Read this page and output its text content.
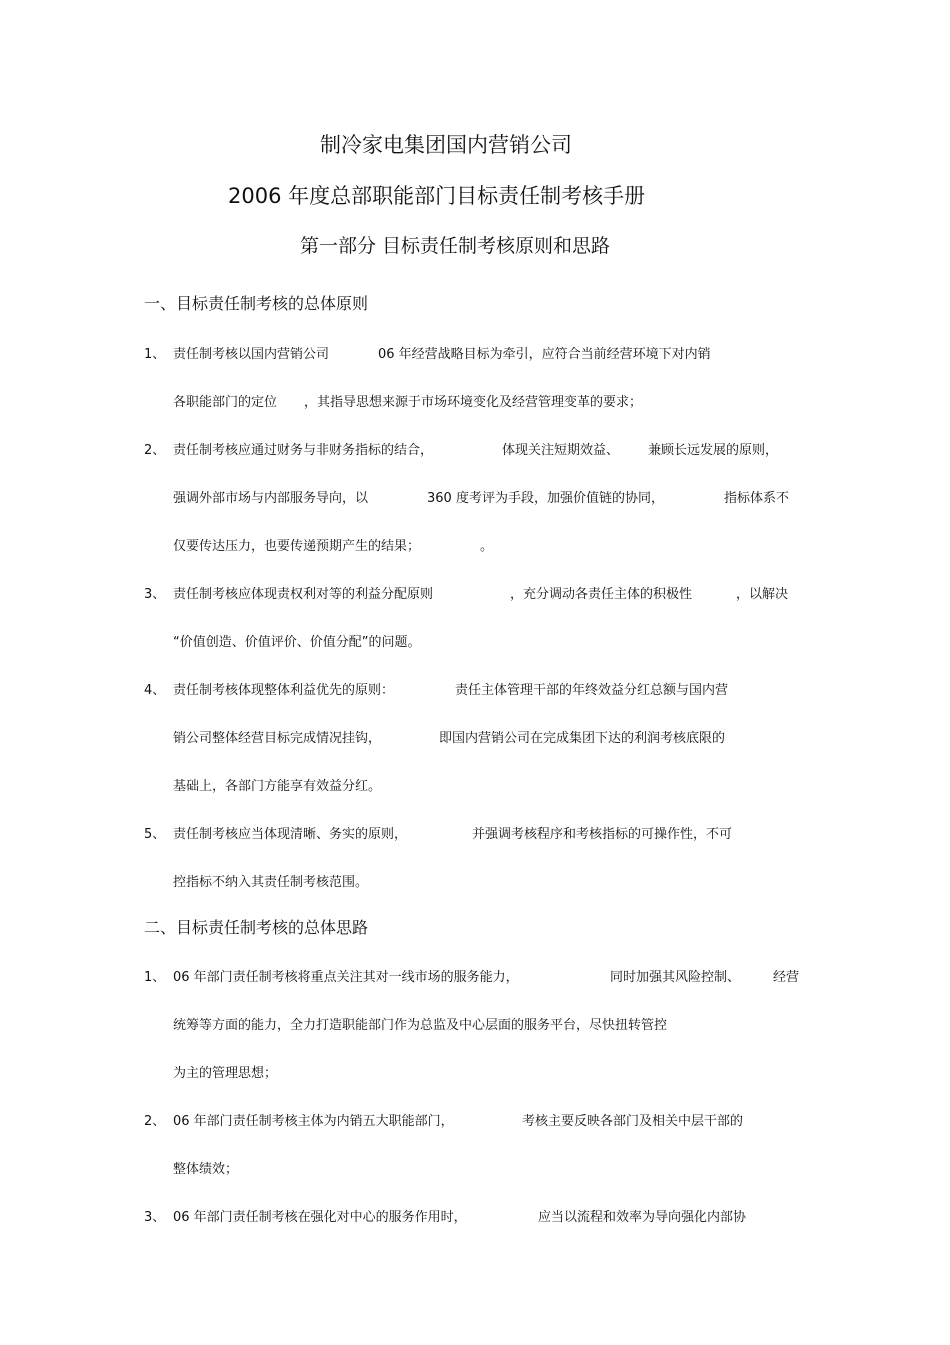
制冷家电集团国内营销公司
2006 年度总部职能部门目标责任制考核手册
第一部分 目标责任制考核原则和思路
一、目标责任制考核的总体原则
1、 责任制考核以国内营销公司	06 年经营战略目标为牵引，应符合当前经营环境下对内销
各职能部门的定位 ，其指导思想来源于市场环境变化及经营管理变革的要求；
2、 责任制考核应通过财务与非财务指标的结合，	体现关注短期效益、 兼顾长远发展的原则，
强调外部市场与内部服务导向，以	360 度考评为手段，加强价值链的协同，	指标体系不
仅要传达压力，也要传递预期产生的结果；	。
3、 责任制考核应体现责权利对等的利益分配原则	，充分调动各责任主体的积极性	，以解决
“价值创造、价值评价、价值分配”的问题。
4、 责任制考核体现整体利益优先的原则：	责任主体管理干部的年终效益分红总额与国内营
销公司整体经营目标完成情况挂钩，	即国内营销公司在完成集团下达的利润考核底限的
基础上，各部门方能享有效益分红。
5、 责任制考核应当体现清晰、务实的原则，	并强调考核程序和考核指标的可操作性，不可
控指标不纳入其责任制考核范围。
二、目标责任制考核的总体思路
1、 06 年部门责任制考核将重点关注其对一线市场的服务能力，	同时加强其风险控制、	经营
统筹等方面的能力，全力打造职能部门作为总监及中心层面的服务平台，尽快扭转管控
为主的管理思想；
2、 06 年部门责任制考核主体为内销五大职能部门，	考核主要反映各部门及相关中层干部的
整体绩效；
3、 06 年部门责任制考核在强化对中心的服务作用时，	应当以流程和效率为导向强化内部协
